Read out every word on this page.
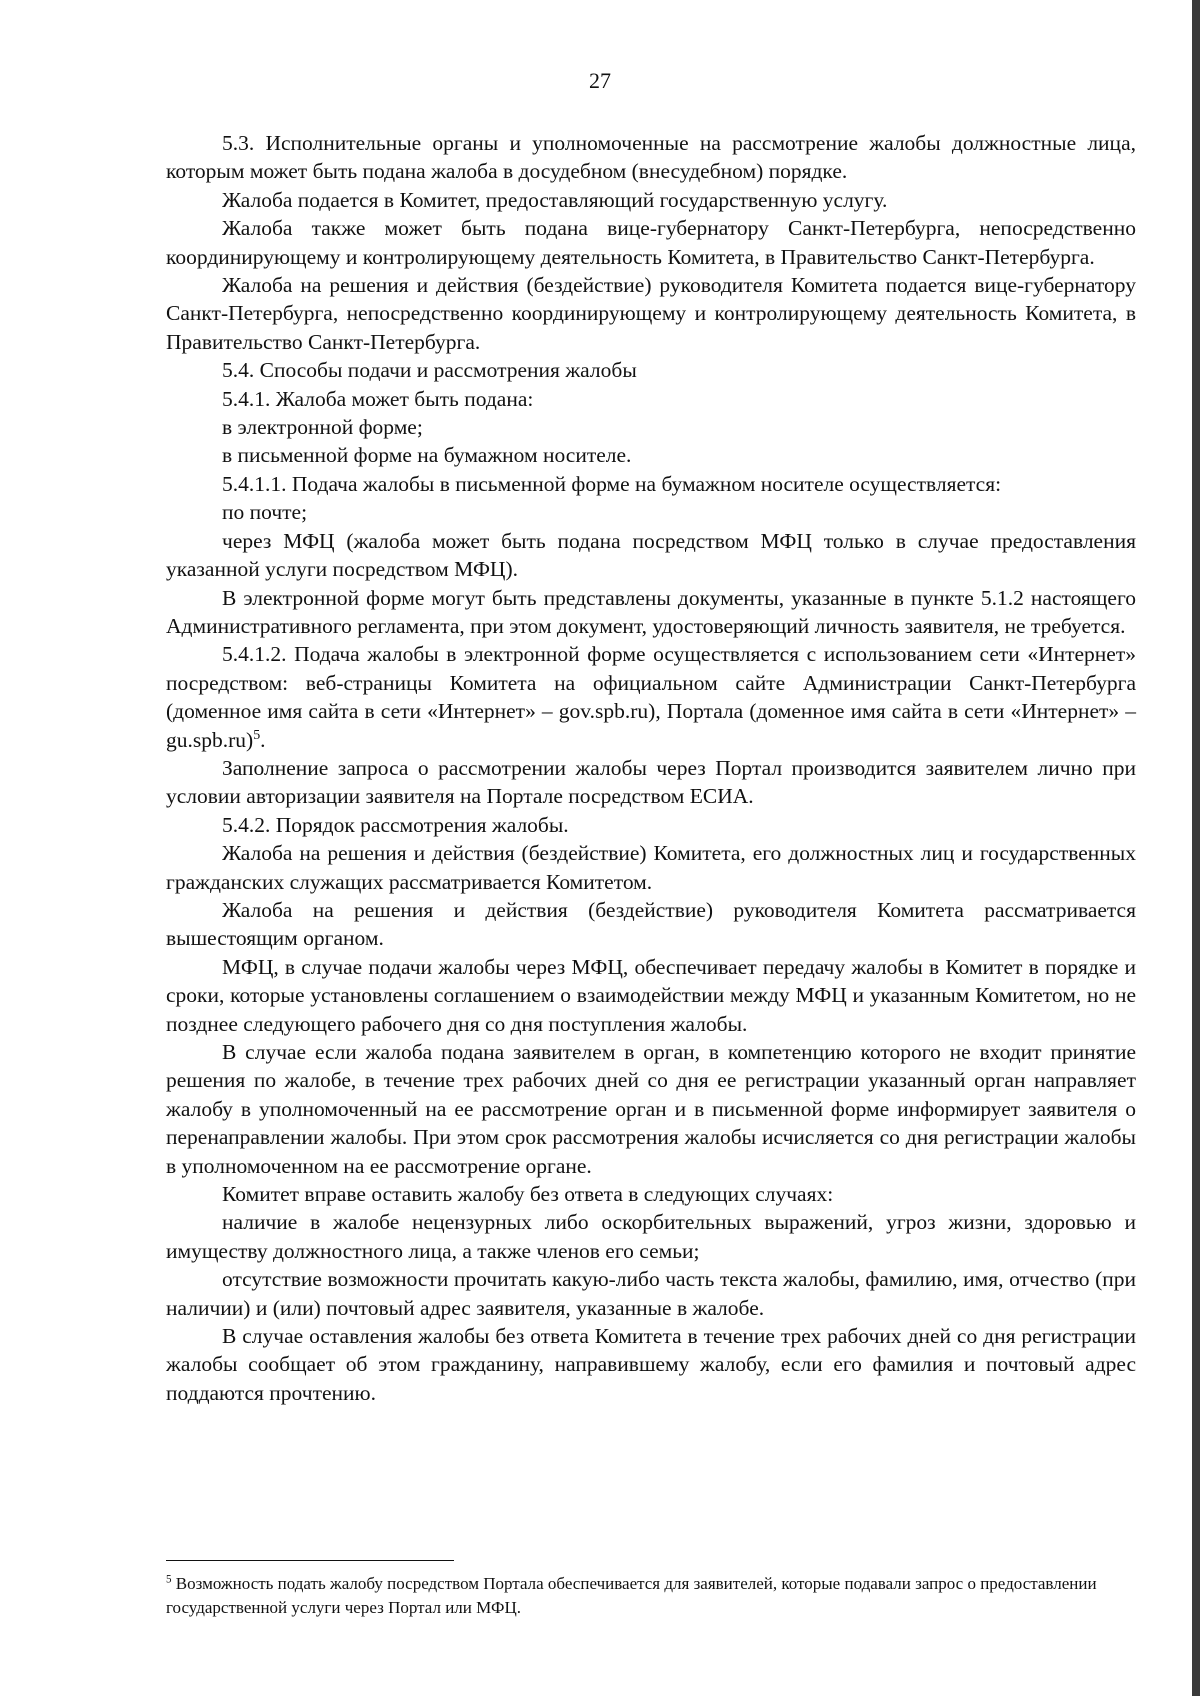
27

5.3. Исполнительные органы и уполномоченные на рассмотрение жалобы должностные лица, которым может быть подана жалоба в досудебном (внесудебном) порядке.

Жалоба подается в Комитет, предоставляющий государственную услугу.

Жалоба также может быть подана вице-губернатору Санкт-Петербурга, непосредственно координирующему и контролирующему деятельность Комитета, в Правительство Санкт-Петербурга.

Жалоба на решения и действия (бездействие) руководителя Комитета подается вице-губернатору Санкт-Петербурга, непосредственно координирующему и контролирующему деятельность Комитета, в Правительство Санкт-Петербурга.

5.4. Способы подачи и рассмотрения жалобы

5.4.1. Жалоба может быть подана:

в электронной форме;

в письменной форме на бумажном носителе.

5.4.1.1. Подача жалобы в письменной форме на бумажном носителе осуществляется:

по почте;

через МФЦ (жалоба может быть подана посредством МФЦ только в случае предоставления указанной услуги посредством МФЦ).

В электронной форме могут быть представлены документы, указанные в пункте 5.1.2 настоящего Административного регламента, при этом документ, удостоверяющий личность заявителя, не требуется.

5.4.1.2. Подача жалобы в электронной форме осуществляется с использованием сети «Интернет» посредством: веб-страницы Комитета на официальном сайте Администрации Санкт-Петербурга (доменное имя сайта в сети «Интернет» – gov.spb.ru), Портала (доменное имя сайта в сети «Интернет» – gu.spb.ru)$^5$.

Заполнение запроса о рассмотрении жалобы через Портал производится заявителем лично при условии авторизации заявителя на Портале посредством ЕСИА.

5.4.2. Порядок рассмотрения жалобы.

Жалоба на решения и действия (бездействие) Комитета, его должностных лиц и государственных гражданских служащих рассматривается Комитетом.

Жалоба на решения и действия (бездействие) руководителя Комитета рассматривается вышестоящим органом.

МФЦ, в случае подачи жалобы через МФЦ, обеспечивает передачу жалобы в Комитет в порядке и сроки, которые установлены соглашением о взаимодействии между МФЦ и указанным Комитетом, но не позднее следующего рабочего дня со дня поступления жалобы.

В случае если жалоба подана заявителем в орган, в компетенцию которого не входит принятие решения по жалобе, в течение трех рабочих дней со дня ее регистрации указанный орган направляет жалобу в уполномоченный на ее рассмотрение орган и в письменной форме информирует заявителя о перенаправлении жалобы. При этом срок рассмотрения жалобы исчисляется со дня регистрации жалобы в уполномоченном на ее рассмотрение органе.

Комитет вправе оставить жалобу без ответа в следующих случаях:

наличие в жалобе нецензурных либо оскорбительных выражений, угроз жизни, здоровью и имуществу должностного лица, а также членов его семьи;

отсутствие возможности прочитать какую-либо часть текста жалобы, фамилию, имя, отчество (при наличии) и (или) почтовый адрес заявителя, указанные в жалобе.

В случае оставления жалобы без ответа Комитета в течение трех рабочих дней со дня регистрации жалобы сообщает об этом гражданину, направившему жалобу, если его фамилия и почтовый адрес поддаются прочтению.

$^5$ Возможность подать жалобу посредством Портала обеспечивается для заявителей, которые подавали запрос о предоставлении государственной услуги через Портал или МФЦ.
